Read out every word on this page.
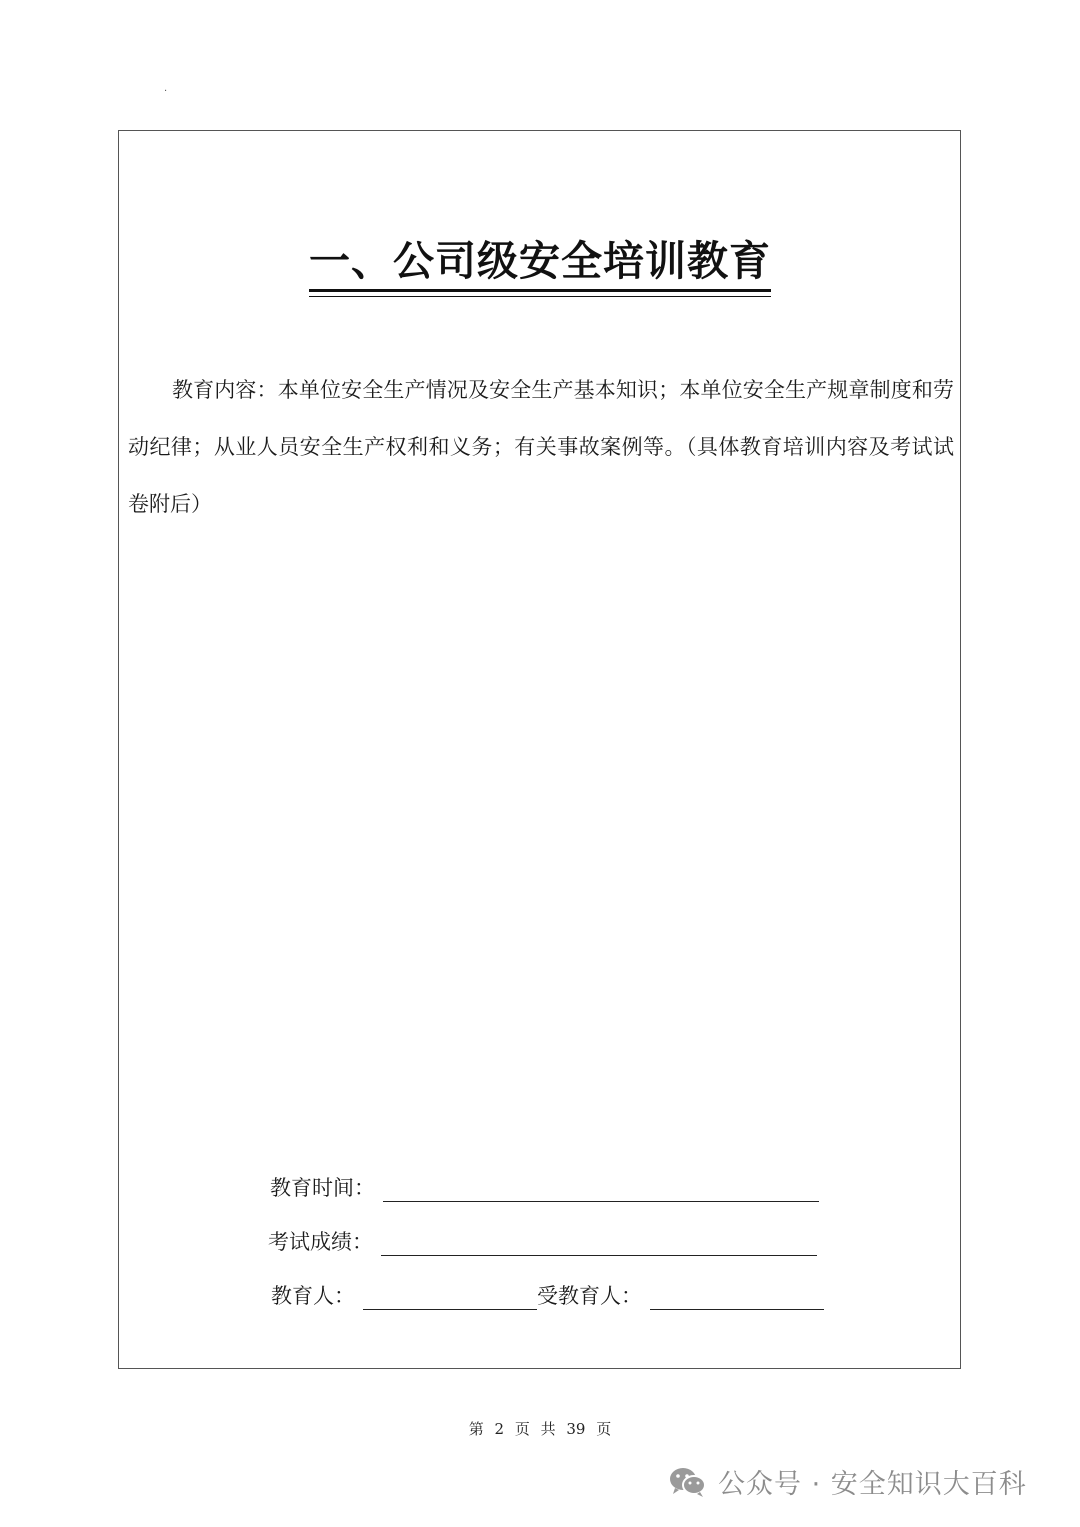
·
一、公司级安全培训教育
教育内容：本单位安全生产情况及安全生产基本知识；本单位安全生产规章制度和劳动纪律；从业人员安全生产权利和义务；有关事故案例等。（具体教育培训内容及考试试卷附后）
教育时间：
考试成绩：
教育人：	受教育人：
第 2 页 共 39 页
公众号 · 安全知识大百科
